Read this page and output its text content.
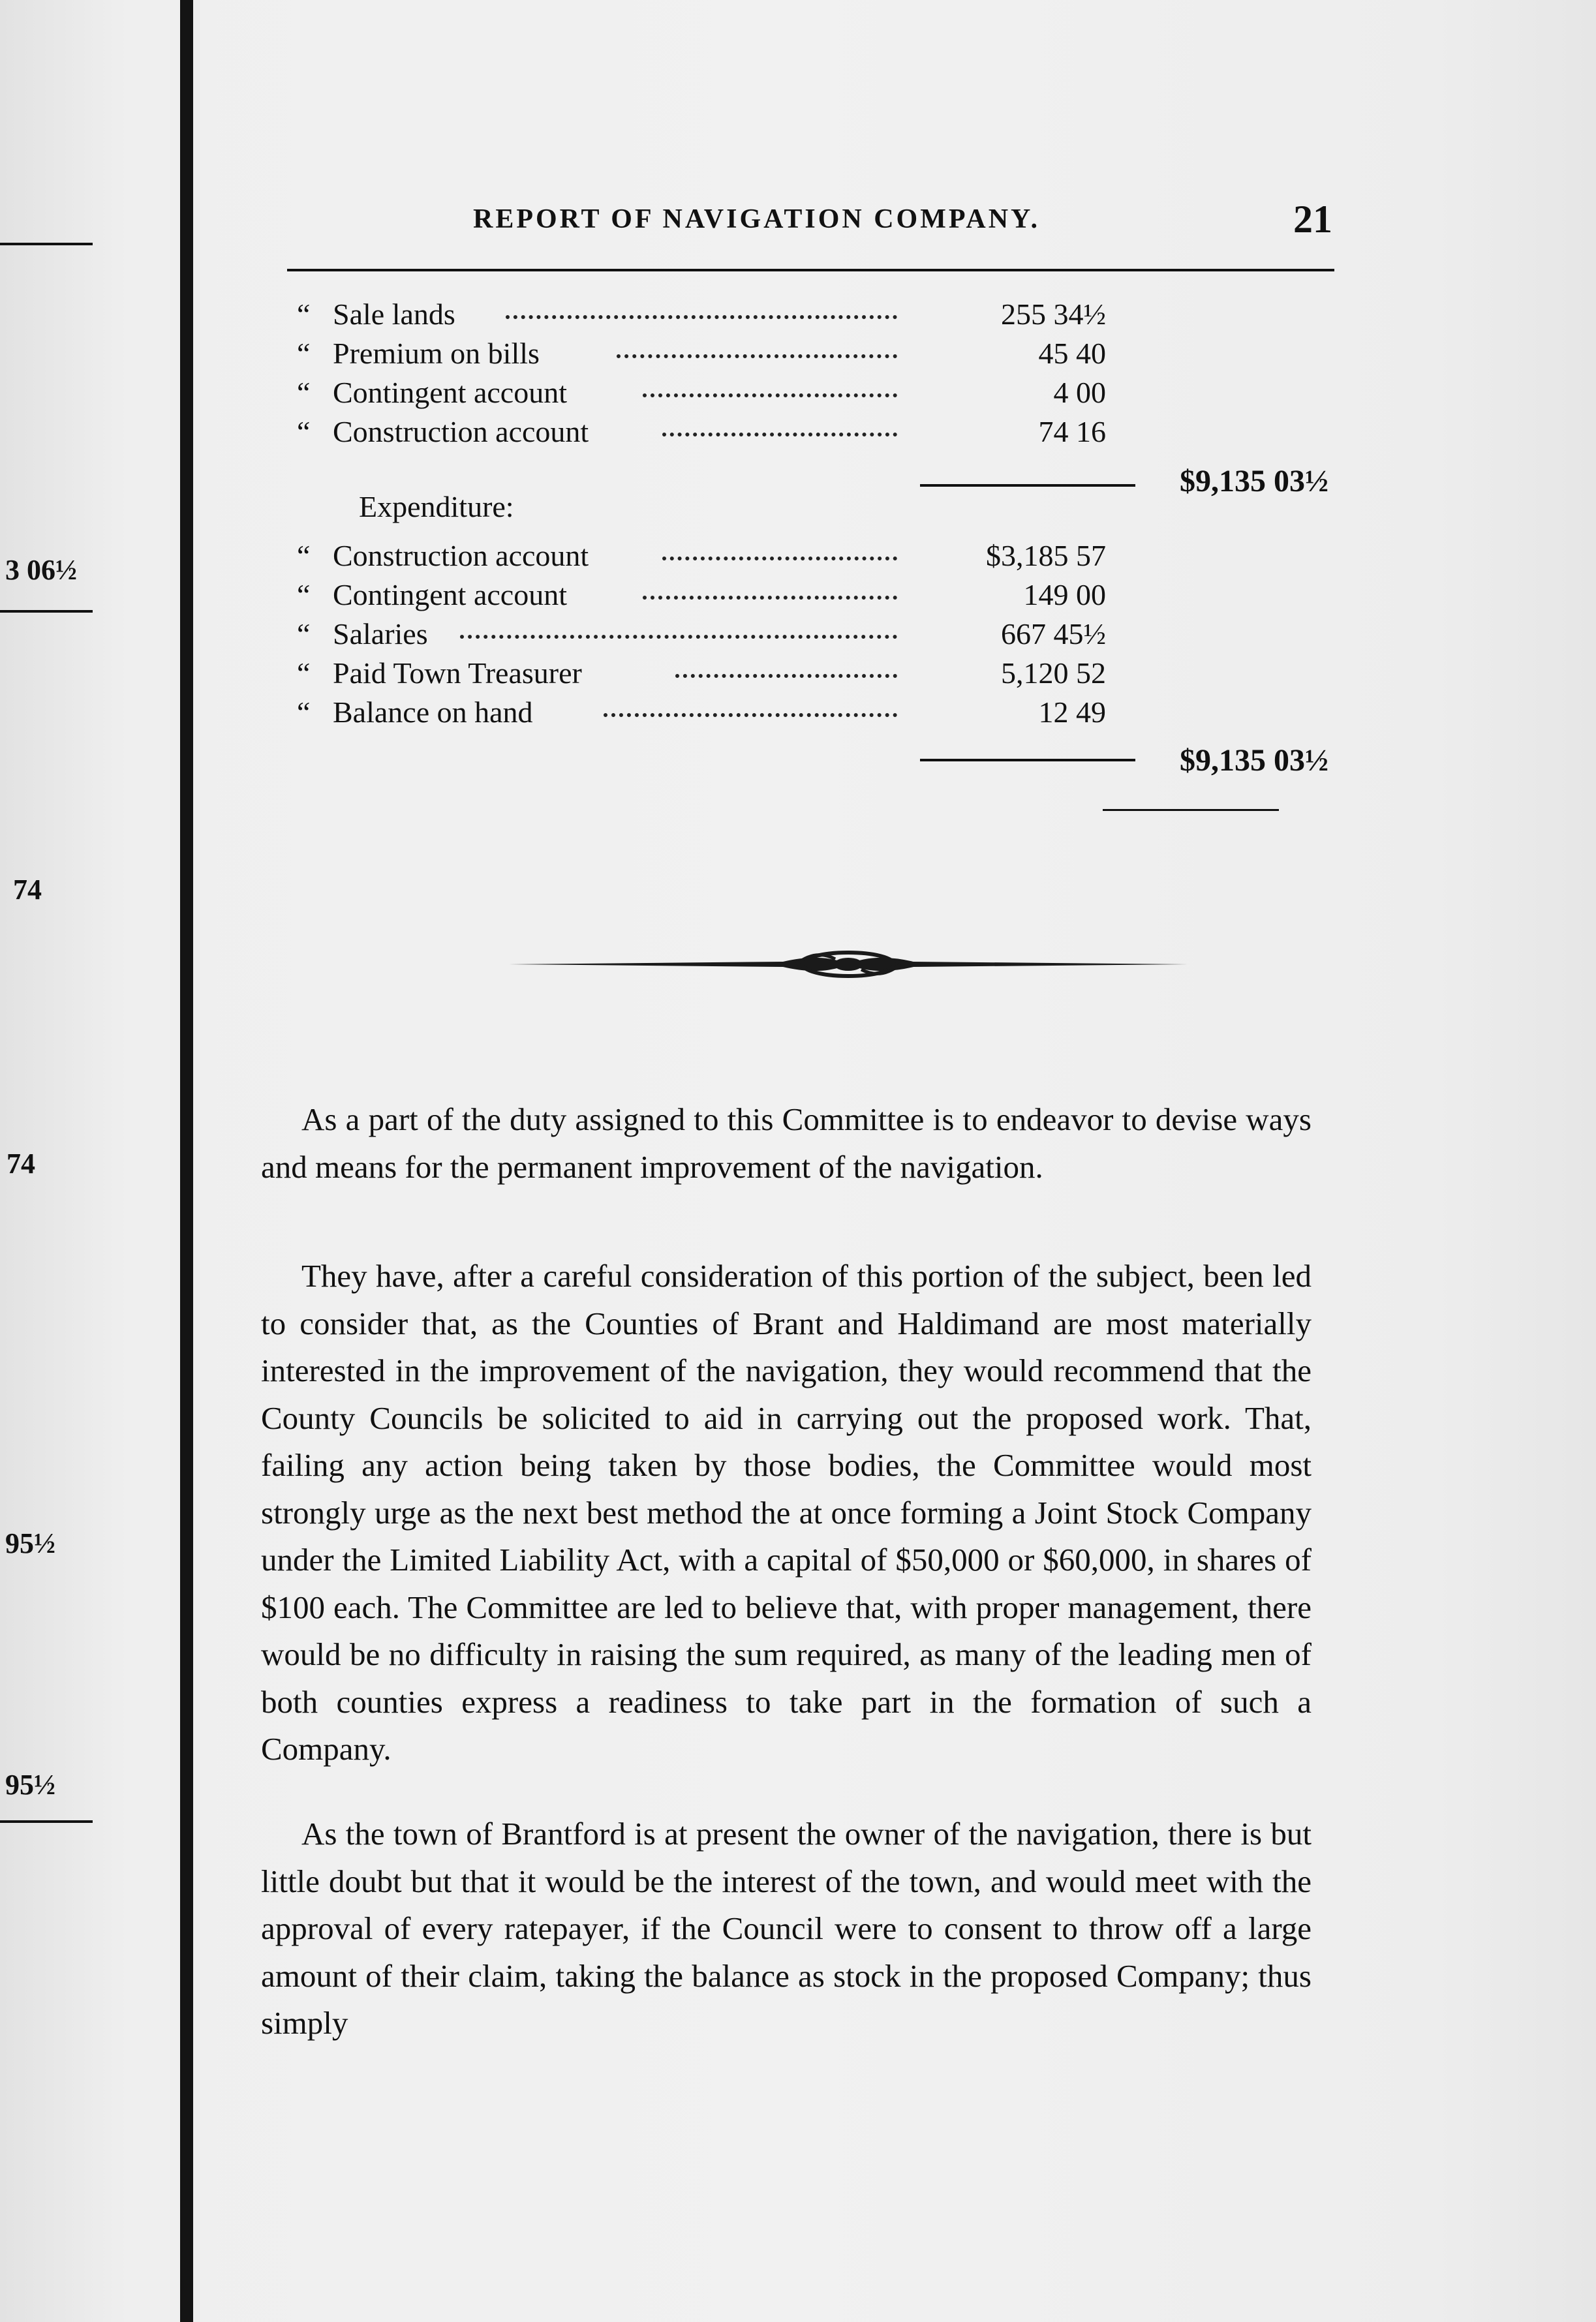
3 06½
74
74
95½
95½
REPORT OF NAVIGATION COMPANY.	21
“ Sale lands	255 34½
“ Premium on bills	45 40
“ Contingent account	4 00
“ Construction account	74 16
$9,135 03½
Expenditure:
“ Construction account	$3,185 57
“ Contingent account	149 00
“ Salaries	667 45½
“ Paid Town Treasurer	5,120 52
“ Balance on hand	12 49
$9,135 03½

As a part of the duty assigned to this Committee is to endeavor to devise ways and means for the permanent improvement of the navigation.

They have, after a careful consideration of this portion of the subject, been led to consider that, as the Counties of Brant and Haldimand are most materially interested in the improvement of the navigation, they would recommend that the County Councils be solicited to aid in carrying out the proposed work. That, failing any action being taken by those bodies, the Committee would most strongly urge as the next best method the at once forming a Joint Stock Company under the Limited Liability Act, with a capital of $50,000 or $60,000, in shares of $100 each. The Committee are led to believe that, with proper management, there would be no difficulty in raising the sum required, as many of the leading men of both counties express a readiness to take part in the formation of such a Company.

As the town of Brantford is at present the owner of the navigation, there is but little doubt but that it would be the interest of the town, and would meet with the approval of every ratepayer, if the Council were to consent to throw off a large amount of their claim, taking the balance as stock in the proposed Company; thus simply
